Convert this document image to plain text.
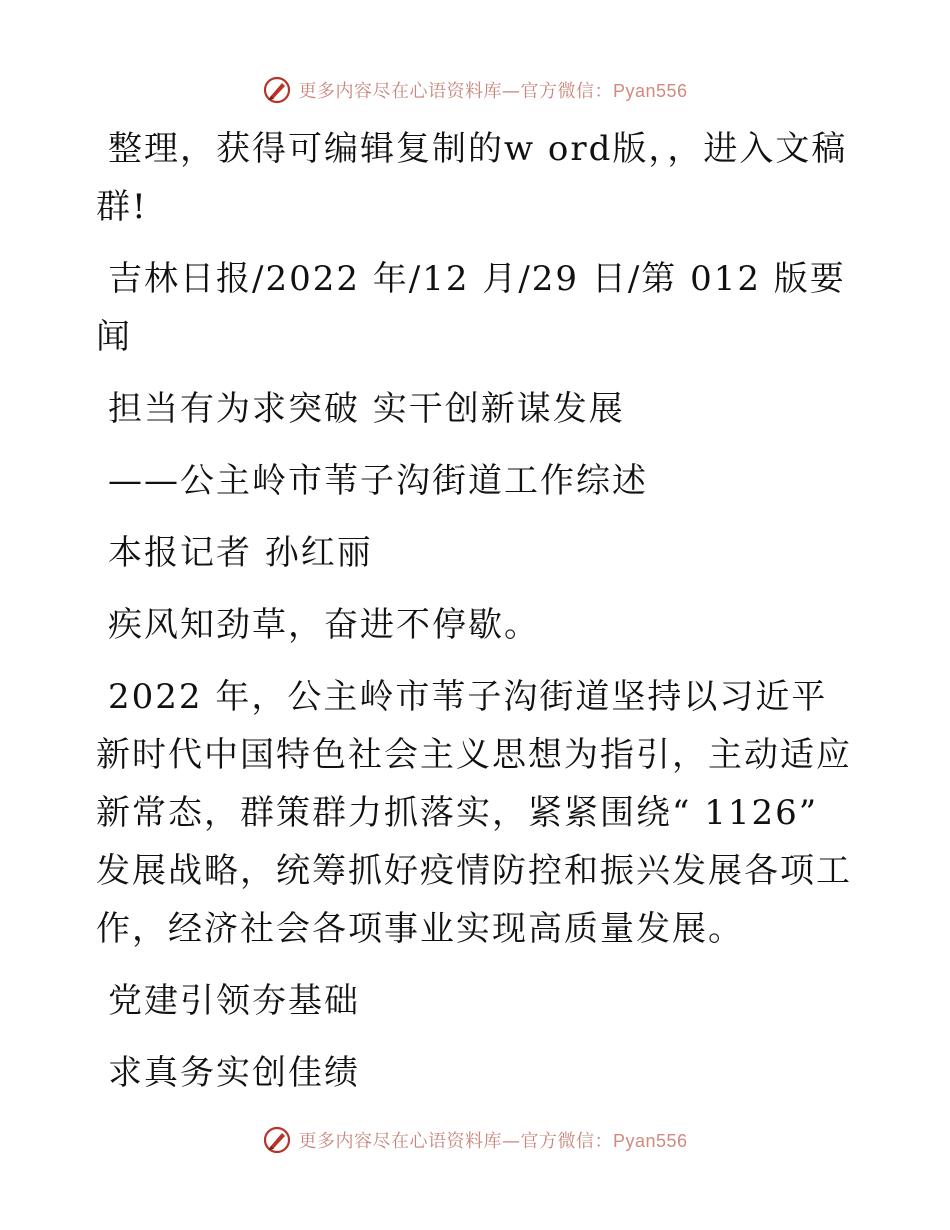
更多内容尽在心语资料库—官方微信：Pyan556

整理，获得可编辑复制的w ord版，，进入文稿群!

吉林日报/2022 年/12 月/29 日/第 012 版要闻

担当有为求突破 实干创新谋发展

——公主岭市苇子沟街道工作综述

本报记者 孙红丽

疾风知劲草，奋进不停歇。

2022 年，公主岭市苇子沟街道坚持以习近平新时代中国特色社会主义思想为指引，主动适应新常态，群策群力抓落实，紧紧围绕“ 1126” 发展战略，统筹抓好疫情防控和振兴发展各项工作，经济社会各项事业实现高质量发展。

党建引领夯基础

求真务实创佳绩

更多内容尽在心语资料库—官方微信：Pyan556
